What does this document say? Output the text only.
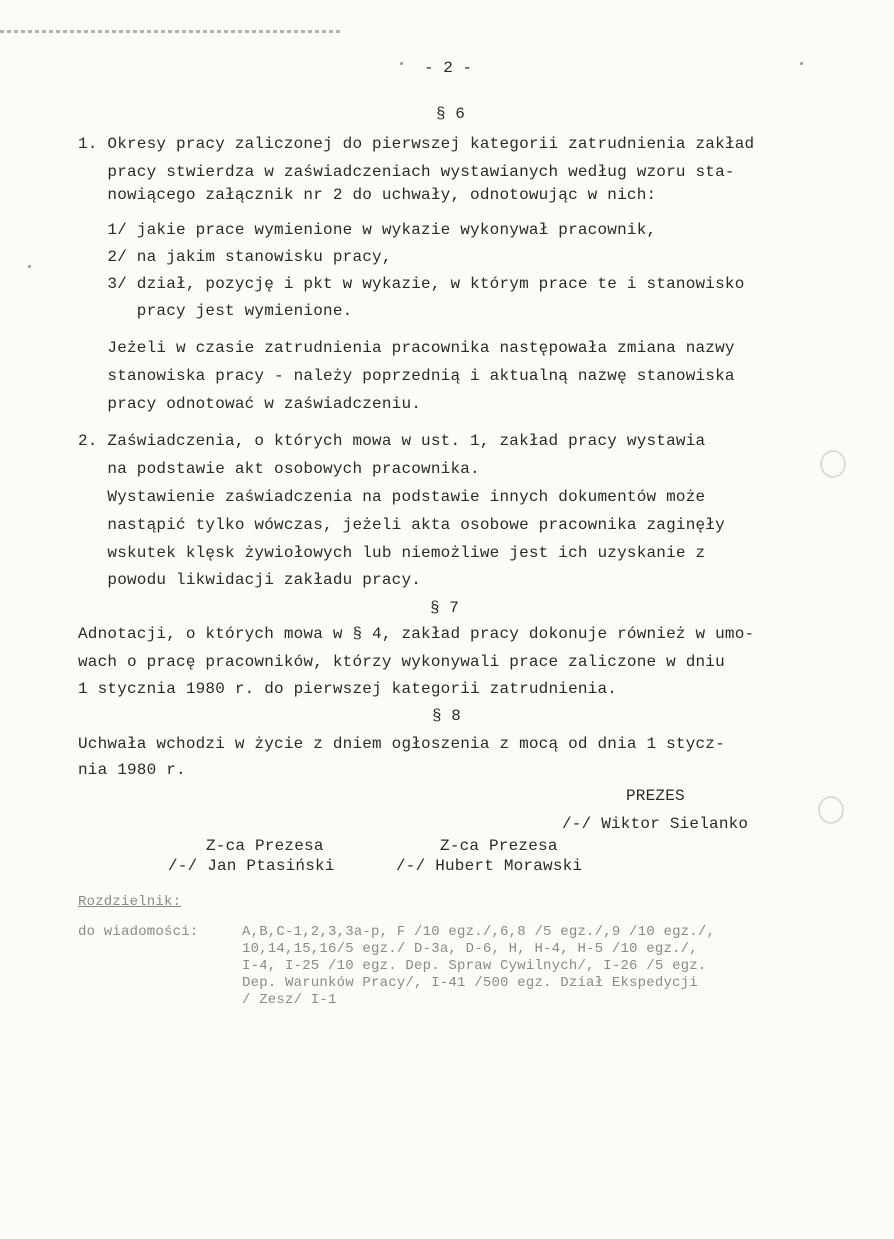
- 2 -
§ 6
1. Okresy pracy zaliczonej do pierwszej kategorii zatrudnienia zakład
pracy stwierdza w zaświadczeniach wystawianych według wzoru sta-
nowiącego załącznik nr 2 do uchwały, odnotowując w nich:
1/ jakie prace wymienione w wykazie wykonywał pracownik,
2/ na jakim stanowisku pracy,
3/ dział, pozycję i pkt w wykazie, w którym prace te i stanowisko
pracy jest wymienione.
Jeżeli w czasie zatrudnienia pracownika następowała zmiana nazwy
stanowiska pracy - należy poprzednią i aktualną nazwę stanowiska
pracy odnotować w zaświadczeniu.
2. Zaświadczenia, o których mowa w ust. 1, zakład pracy wystawia
na podstawie akt osobowych pracownika.
Wystawienie zaświadczenia na podstawie innych dokumentów może
nastąpić tylko wówczas, jeżeli akta osobowe pracownika zaginęły
wskutek klęsk żywiołowych lub niemożliwe jest ich uzyskanie z
powodu likwidacji zakładu pracy.
§ 7
Adnotacji, o których mowa w § 4, zakład pracy dokonuje również w umo-
wach o pracę pracowników, którzy wykonywali prace zaliczone w dniu
1 stycznia 1980 r. do pierwszej kategorii zatrudnienia.
§ 8
Uchwała wchodzi w życie z dniem ogłoszenia z mocą od dnia 1 stycz-
nia 1980 r.
PREZES
/-/ Wiktor Sielanko
Z-ca Prezesa
/-/ Jan Ptasiński
Z-ca Prezesa
/-/ Hubert Morawski
Rozdzielnik:
do wiadomości:	A,B,C-1,2,3,3a-p, F /10 egz./,6,8 /5 egz./,9 /10 egz./,
10,14,15,16/5 egz./ D-3a, D-6, H, H-4, H-5 /10 egz./,
I-4, I-25 /10 egz. Dep. Spraw Cywilnych/, I-26 /5 egz.
Dep. Warunków Pracy/, I-41 /500 egz. Dział Ekspedycji
/ Zesz/ I-1
